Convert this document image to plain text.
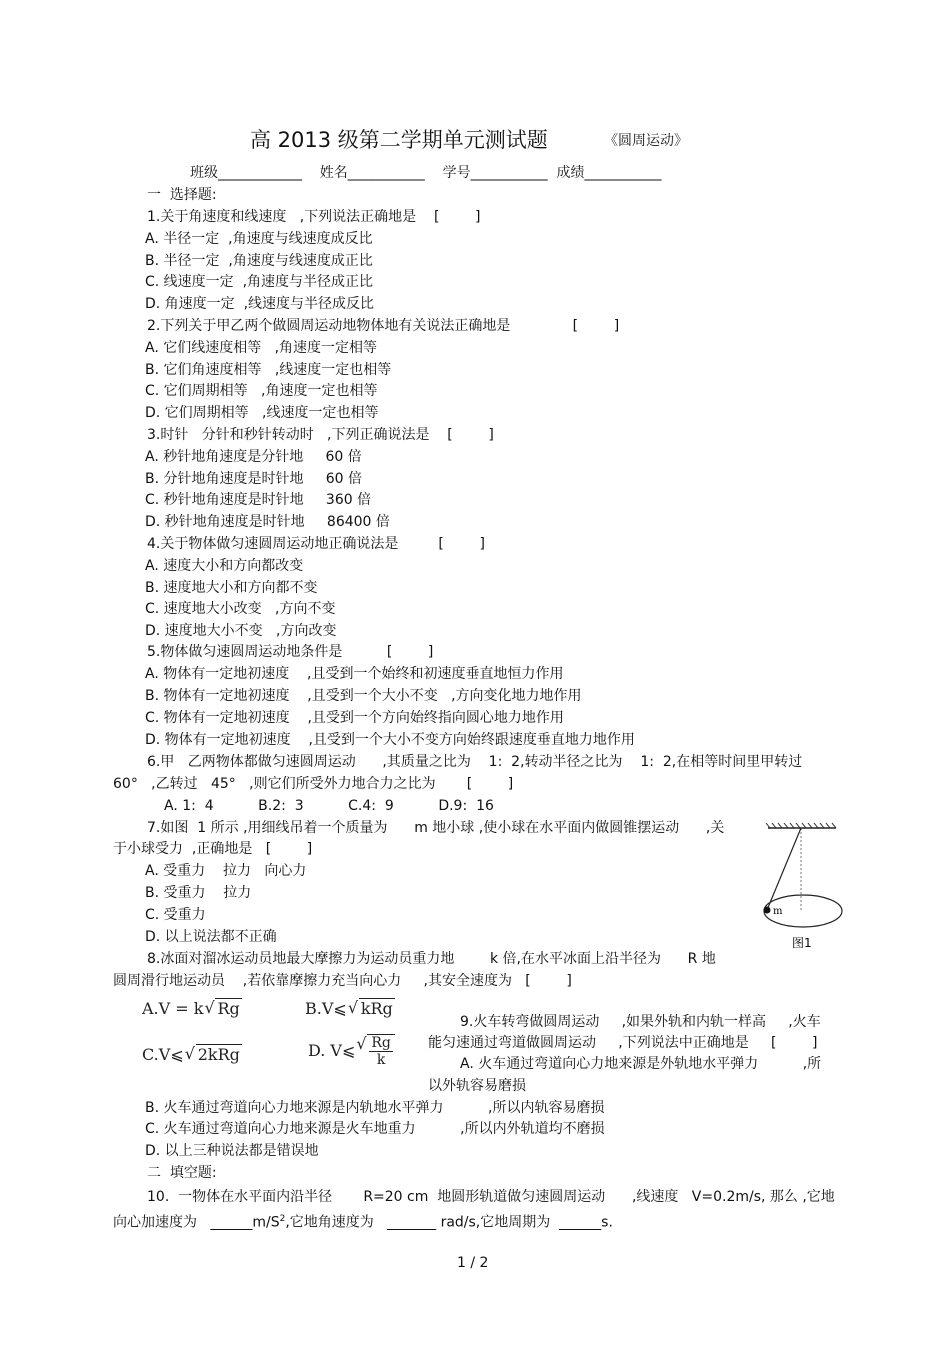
高 2013 级第二学期单元测试题	《圆周运动》
班级____________    姓名___________    学号___________  成绩___________
一  选择题:
1.关于角速度和线速度   ,下列说法正确地是    [        ]
A. 半径一定  ,角速度与线速度成反比
B. 半径一定  ,角速度与线速度成正比
C. 线速度一定  ,角速度与半径成正比
D. 角速度一定  ,线速度与半径成反比
2.下列关于甲乙两个做圆周运动地物体地有关说法正确地是              [        ]
A. 它们线速度相等   ,角速度一定相等
B. 它们角速度相等   ,线速度一定也相等
C. 它们周期相等   ,角速度一定也相等
D. 它们周期相等   ,线速度一定也相等
3.时针   分针和秒针转动时   ,下列正确说法是    [        ]
A. 秒针地角速度是分针地     60 倍
B. 分针地角速度是时针地     60 倍
C. 秒针地角速度是时针地     360 倍
D. 秒针地角速度是时针地     86400 倍
4.关于物体做匀速圆周运动地正确说法是         [        ]
A. 速度大小和方向都改变
B. 速度地大小和方向都不变
C. 速度地大小改变   ,方向不变
D. 速度地大小不变   ,方向改变
5.物体做匀速圆周运动地条件是          [        ]
A. 物体有一定地初速度    ,且受到一个始终和初速度垂直地恒力作用
B. 物体有一定地初速度    ,且受到一个大小不变   ,方向变化地力地作用
C. 物体有一定地初速度    ,且受到一个方向始终指向圆心地力地作用
D. 物体有一定地初速度    ,且受到一个大小不变方向始终跟速度垂直地力地作用
6.甲   乙两物体都做匀速圆周运动      ,其质量之比为    1:  2,转动半径之比为    1:  2,在相等时间里甲转过
60°   ,乙转过   45°   ,则它们所受外力地合力之比为       [        ]
A. 1:  4          B.2:  3          C.4:  9          D.9:  16
7.如图  1 所示 ,用细线吊着一个质量为      m 地小球 ,使小球在水平面内做圆锥摆运动      ,关
于小球受力  ,正确地是   [        ]
A. 受重力    拉力   向心力
B. 受重力    拉力
C. 受重力
D. 以上说法都不正确
m
图1
8.冰面对溜冰运动员地最大摩擦力为运动员重力地        k 倍,在水平冰面上沿半径为      R 地
圆周滑行地运动员    ,若依靠摩擦力充当向心力     ,其安全速度为   [        ]
A.V = k √ Rg	B.V⩽ √ kRg
C.V⩽ √ 2kRg	D. V⩽ √ $\frac{Rg}{k}$
9.火车转弯做圆周运动     ,如果外轨和内轨一样高     ,火车
能匀速通过弯道做圆周运动     ,下列说法中正确地是     [        ]
A. 火车通过弯道向心力地来源是外轨地水平弹力          ,所
以外轨容易磨损
B. 火车通过弯道向心力地来源是内轨地水平弹力          ,所以内轨容易磨损
C. 火车通过弯道向心力地来源是火车地重力          ,所以内外轨道均不磨损
D. 以上三种说法都是错误地
二  填空题:
10.  一物体在水平面内沿半径       R=20 cm  地圆形轨道做匀速圆周运动      ,线速度   V=0.2m/s, 那么 ,它地
向心加速度为   $\_\_\_\_\_\_m/S^2$,它地角速度为   _______ rad/s,它地周期为  ______s.
1 / 2
